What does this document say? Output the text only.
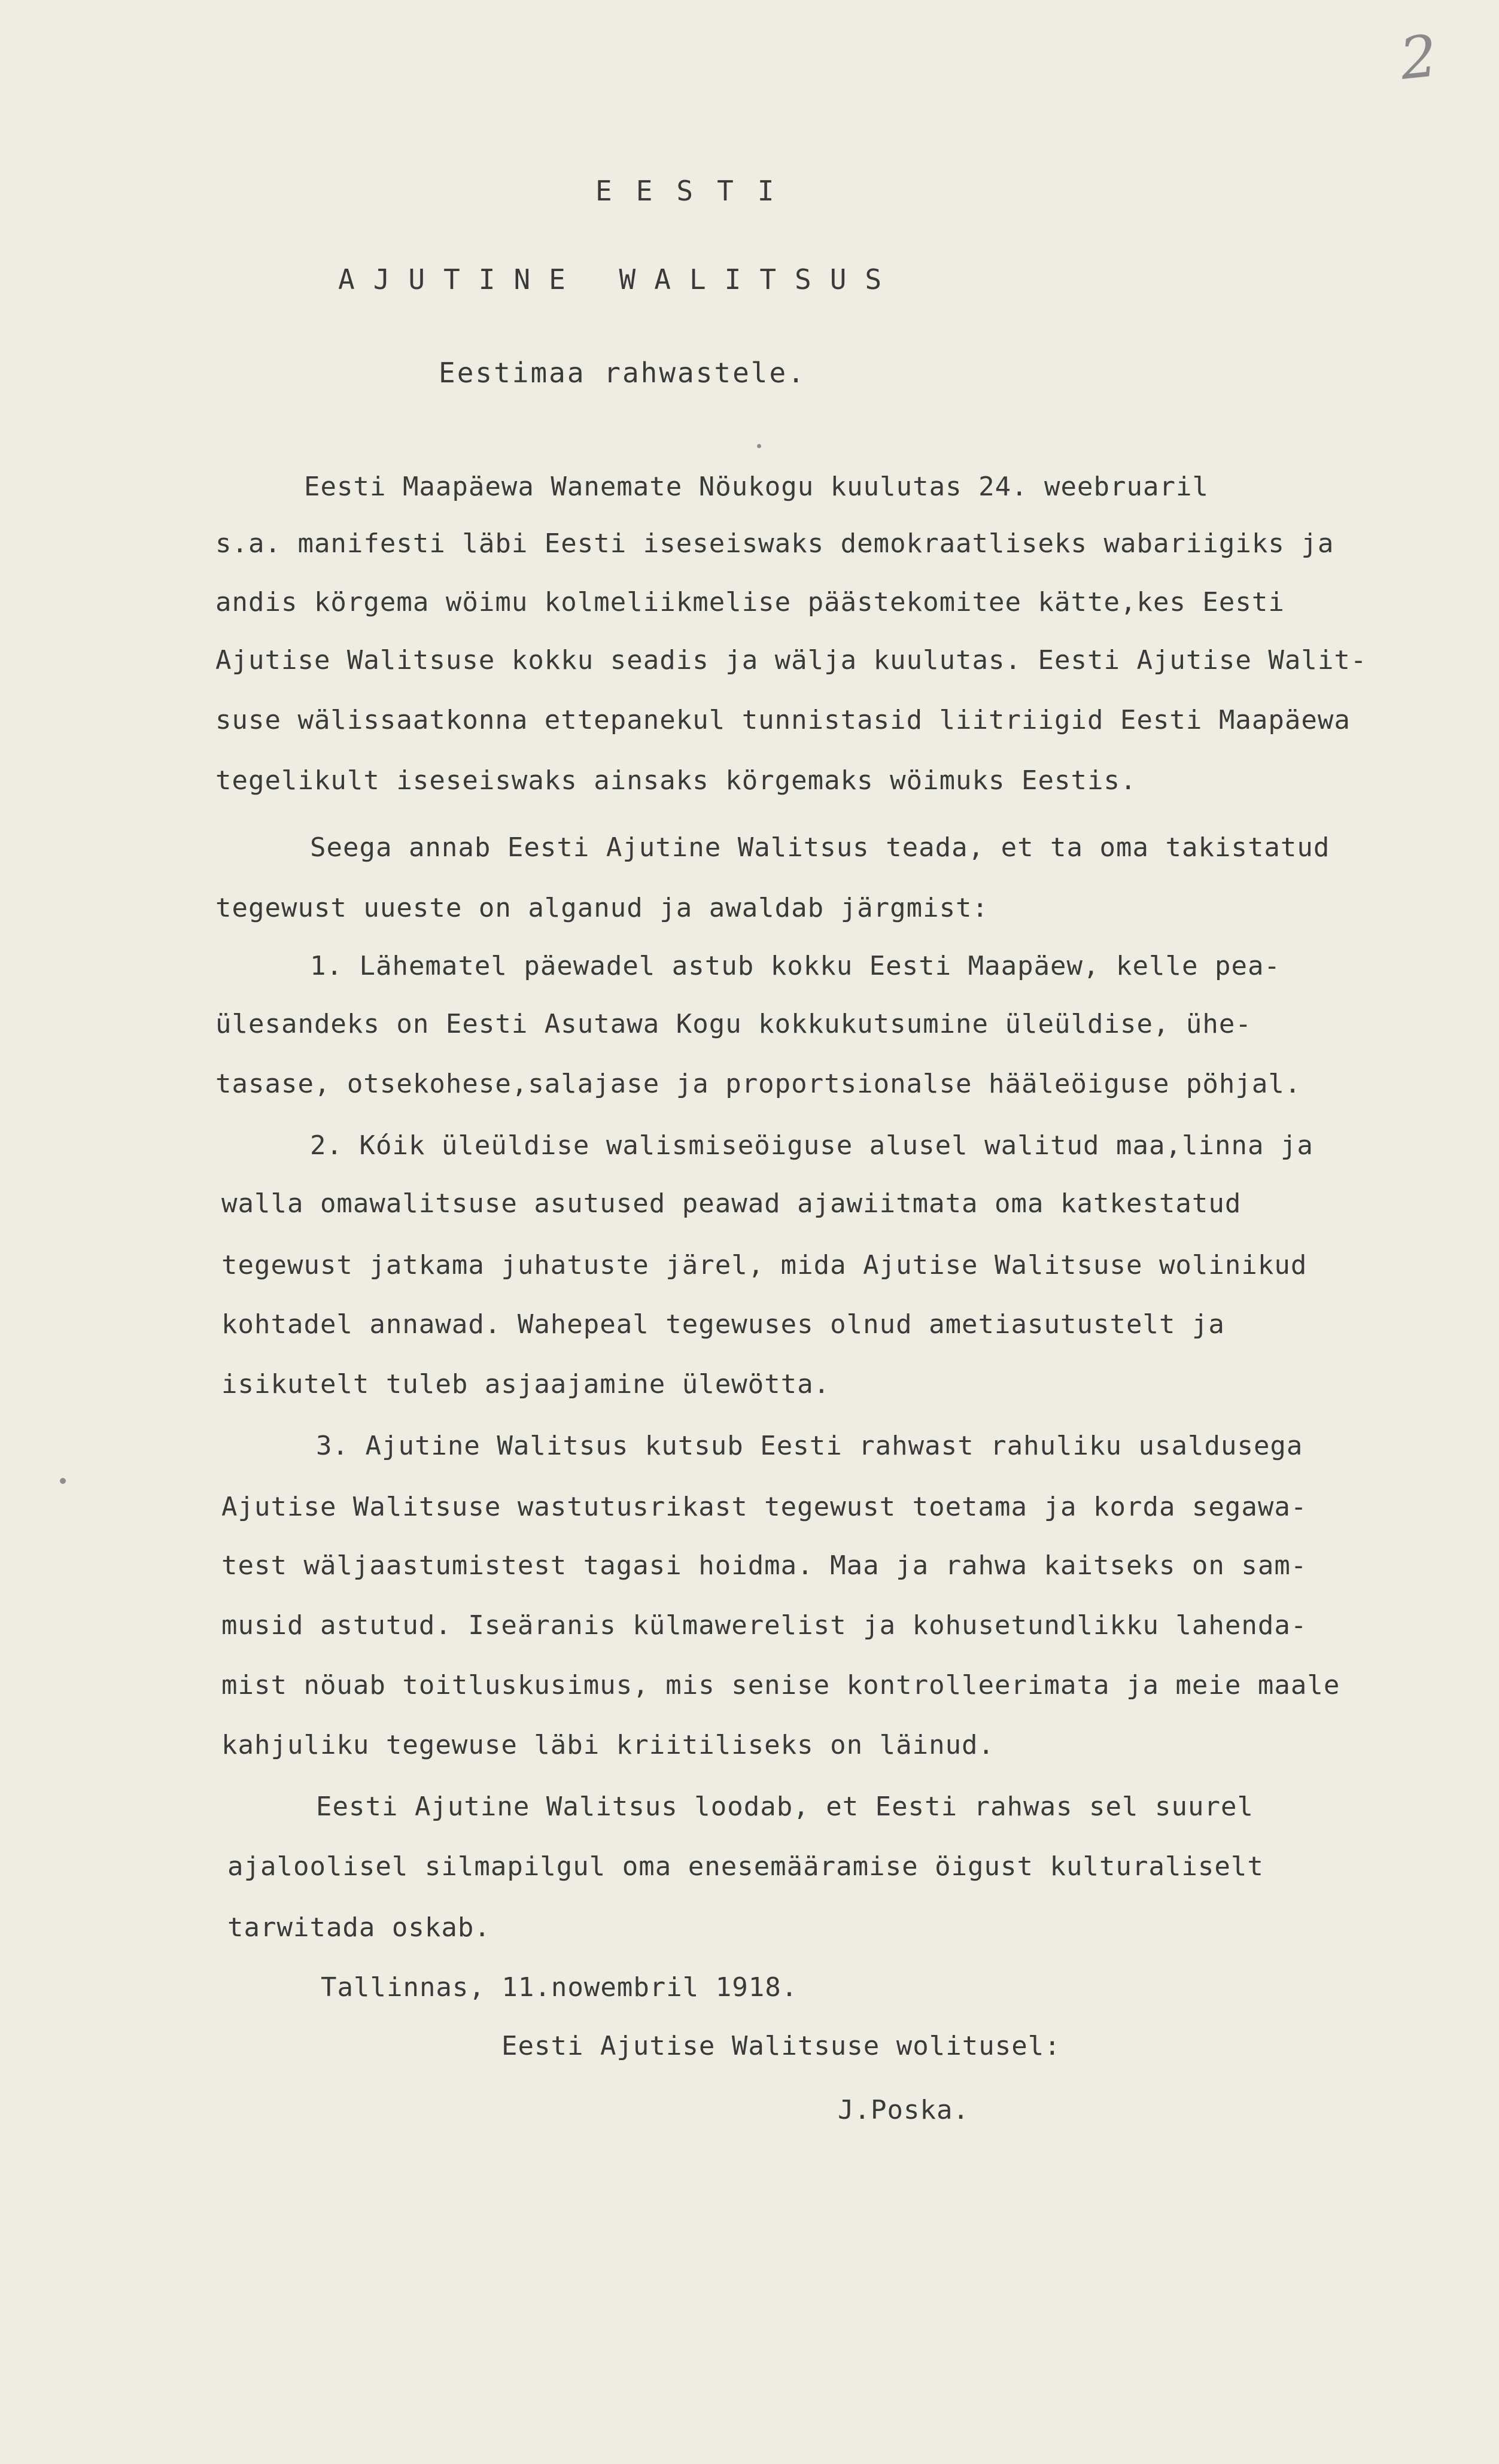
2
EESTI
AJUTINE WALITSUS
Eestimaa rahwastele.
Eesti Maapäewa Wanemate Nöukogu kuulutas 24. weebruaril
s.a. manifesti läbi Eesti iseseiswaks demokraatliseks wabariigiks ja
andis körgema wöimu kolmeliikmelise päästekomitee kätte,kes Eesti
Ajutise Walitsuse kokku seadis ja wälja kuulutas. Eesti Ajutise Walit-
suse wälissaatkonna ettepanekul tunnistasid liitriigid Eesti Maapäewa
tegelikult iseseiswaks ainsaks körgemaks wöimuks Eestis.
Seega annab Eesti Ajutine Walitsus teada, et ta oma takistatud
tegewust uueste on alganud ja awaldab järgmist:
1. Lähematel päewadel astub kokku Eesti Maapäew, kelle pea-
ülesandeks on Eesti Asutawa Kogu kokkukutsumine üleüldise, ühe-
tasase, otsekohese,salajase ja proportsionalse hääleöiguse pöhjal.
2. Kóik üleüldise walismiseöiguse alusel walitud maa,linna ja
walla omawalitsuse asutused peawad ajawiitmata oma katkestatud
tegewust jatkama juhatuste järel, mida Ajutise Walitsuse wolinikud
kohtadel annawad. Wahepeal tegewuses olnud ametiasutustelt ja
isikutelt tuleb asjaajamine ülewötta.
3. Ajutine Walitsus kutsub Eesti rahwast rahuliku usaldusega
Ajutise Walitsuse wastutusrikast tegewust toetama ja korda segawa-
test wäljaastumistest tagasi hoidma. Maa ja rahwa kaitseks on sam-
musid astutud. Iseäranis külmawerelist ja kohusetundlikku lahenda-
mist nöuab toitluskusimus, mis senise kontrolleerimata ja meie maale
kahjuliku tegewuse läbi kriitiliseks on läinud.
Eesti Ajutine Walitsus loodab, et Eesti rahwas sel suurel
ajaloolisel silmapilgul oma enesemääramise öigust kulturaliselt
tarwitada oskab.
Tallinnas, 11.nowembril 1918.
Eesti Ajutise Walitsuse wolitusel:
J.Poska.
